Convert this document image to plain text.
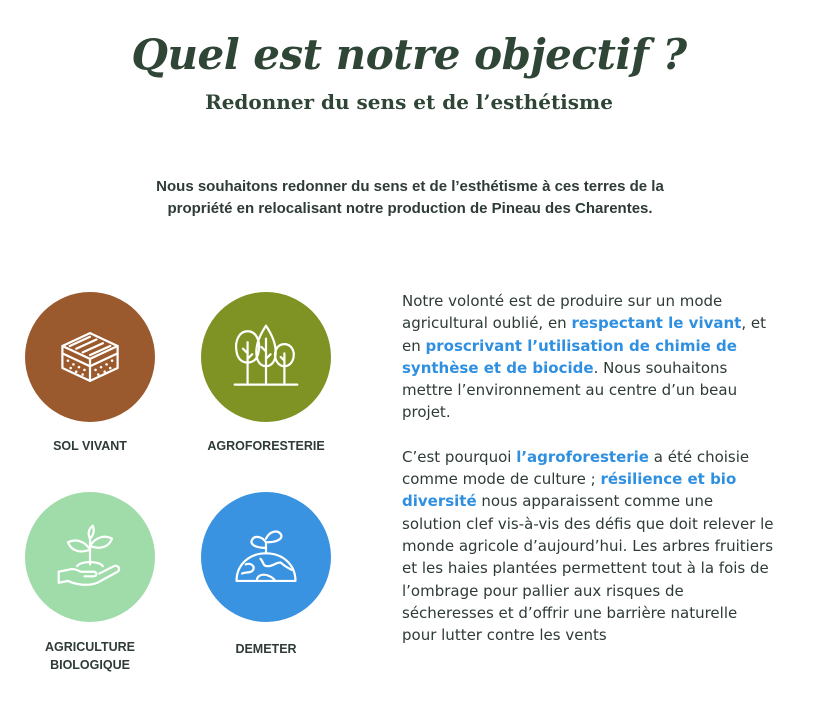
Quel est notre objectif ?
Redonner du sens et de l’esthétisme

Nous souhaitons redonner du sens et de l’esthétisme à ces terres de la propriété en relocalisant notre production de Pineau des Charentes.

SOL VIVANT	AGROFORESTERIE

AGRICULTURE
BIOLOGIQUE

DEMETER

Notre volonté est de produire sur un mode agricultural oublié, en respectant le vivant, et en proscrivant l’utilisation de chimie de synthèse et de biocide. Nous souhaitons mettre l’environnement au centre d’un beau projet.

C’est pourquoi l’agroforesterie a été choisie comme mode de culture ; résilience et bio diversité nous apparaissent comme une solution clef vis-à-vis des défis que doit relever le monde agricole d’aujourd’hui. Les arbres fruitiers et les haies plantées permettent tout à la fois de l’ombrage pour pallier aux risques de sécheresses et d’offrir une barrière naturelle pour lutter contre les vents
